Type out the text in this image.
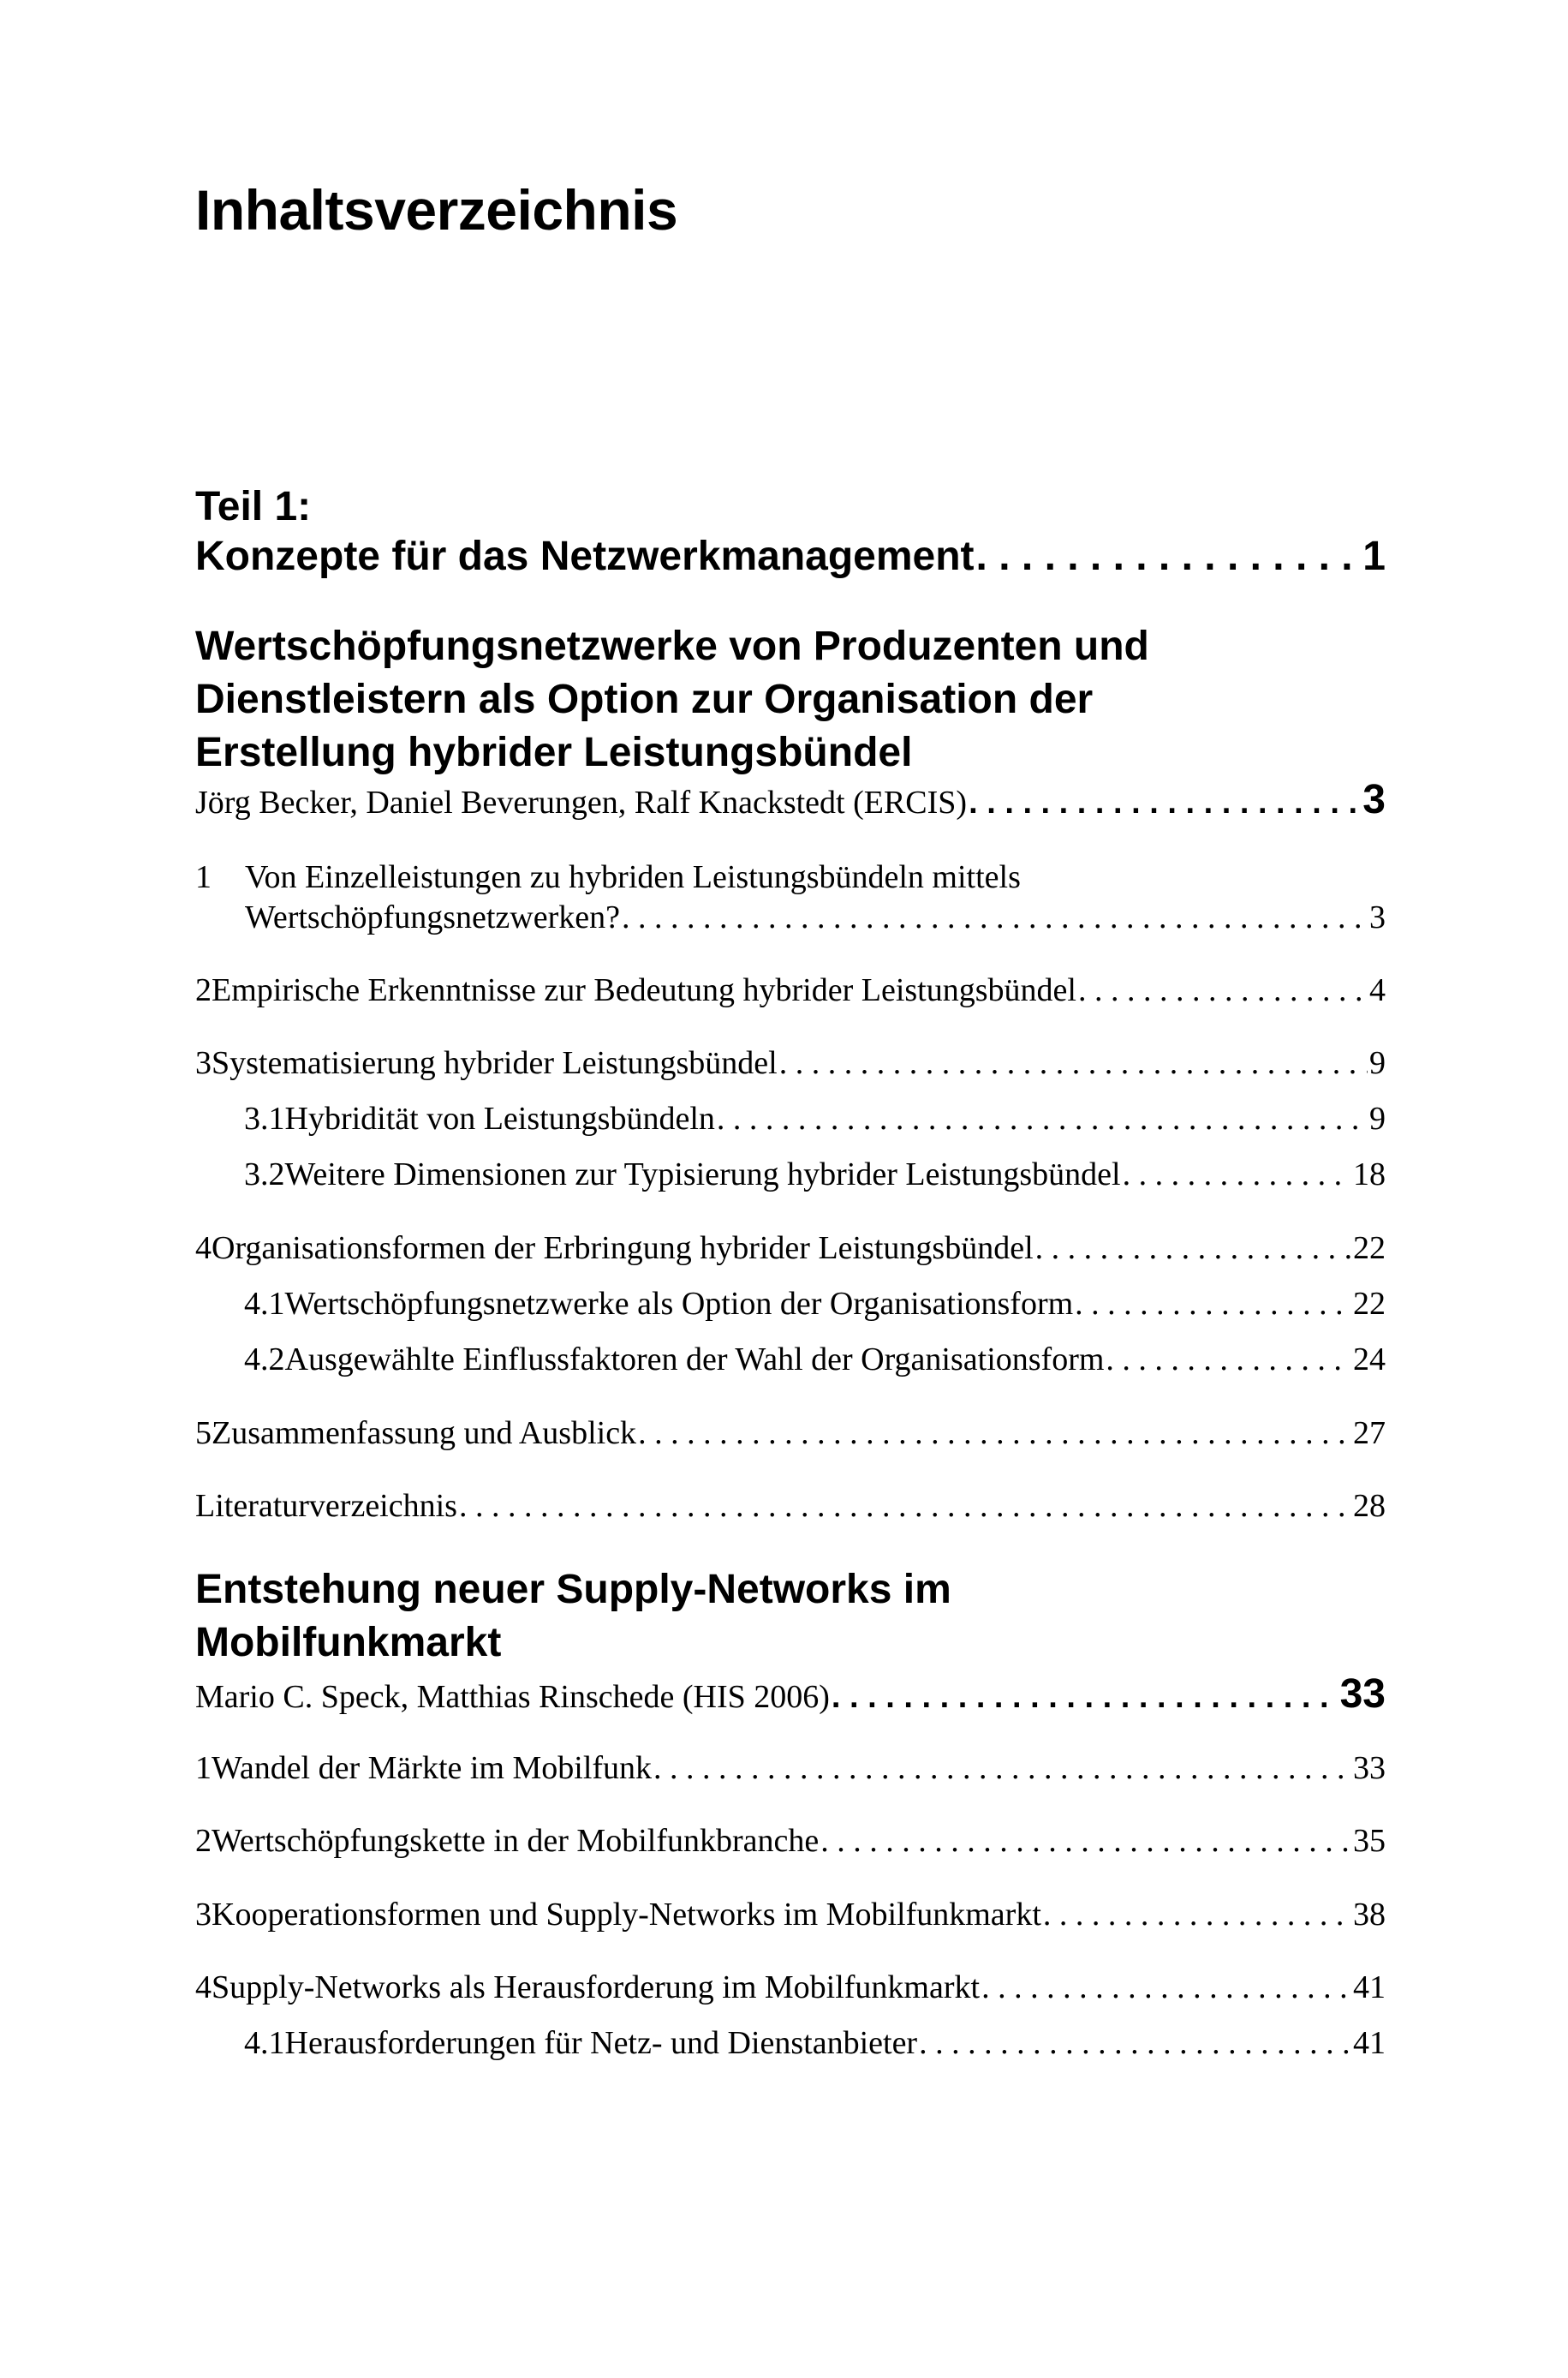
Inhaltsverzeichnis
Teil 1:
Konzepte für das Netzwerkmanagement . . .	1
Wertschöpfungsnetzwerke von Produzenten und
Dienstleistern als Option zur Organisation der
Erstellung hybrider Leistungsbündel
Jörg Becker, Daniel Beverungen, Ralf Knackstedt (ERCIS) . . .	3
1 Von Einzelleistungen zu hybriden Leistungsbündeln mittels
Wertschöpfungsnetzwerken? . . .	3
2 Empirische Erkenntnisse zur Bedeutung hybrider Leistungsbündel . . .	4
3 Systematisierung hybrider Leistungsbündel . . .	9
3.1 Hybridität von Leistungsbündeln . . .	9
3.2 Weitere Dimensionen zur Typisierung hybrider Leistungsbündel . . .	18
4 Organisationsformen der Erbringung hybrider Leistungsbündel . . .	22
4.1 Wertschöpfungsnetzwerke als Option der Organisationsform . . .	22
4.2 Ausgewählte Einflussfaktoren der Wahl der Organisationsform . . .	24
5 Zusammenfassung und Ausblick . . .	27
Literaturverzeichnis . . .	28
Entstehung neuer Supply-Networks im
Mobilfunkmarkt
Mario C. Speck, Matthias Rinschede (HIS 2006) . . .	33
1 Wandel der Märkte im Mobilfunk . . .	33
2 Wertschöpfungskette in der Mobilfunkbranche . . .	35
3 Kooperationsformen und Supply-Networks im Mobilfunkmarkt . . .	38
4 Supply-Networks als Herausforderung im Mobilfunkmarkt . . .	41
4.1 Herausforderungen für Netz- und Dienstanbieter . . .	41
